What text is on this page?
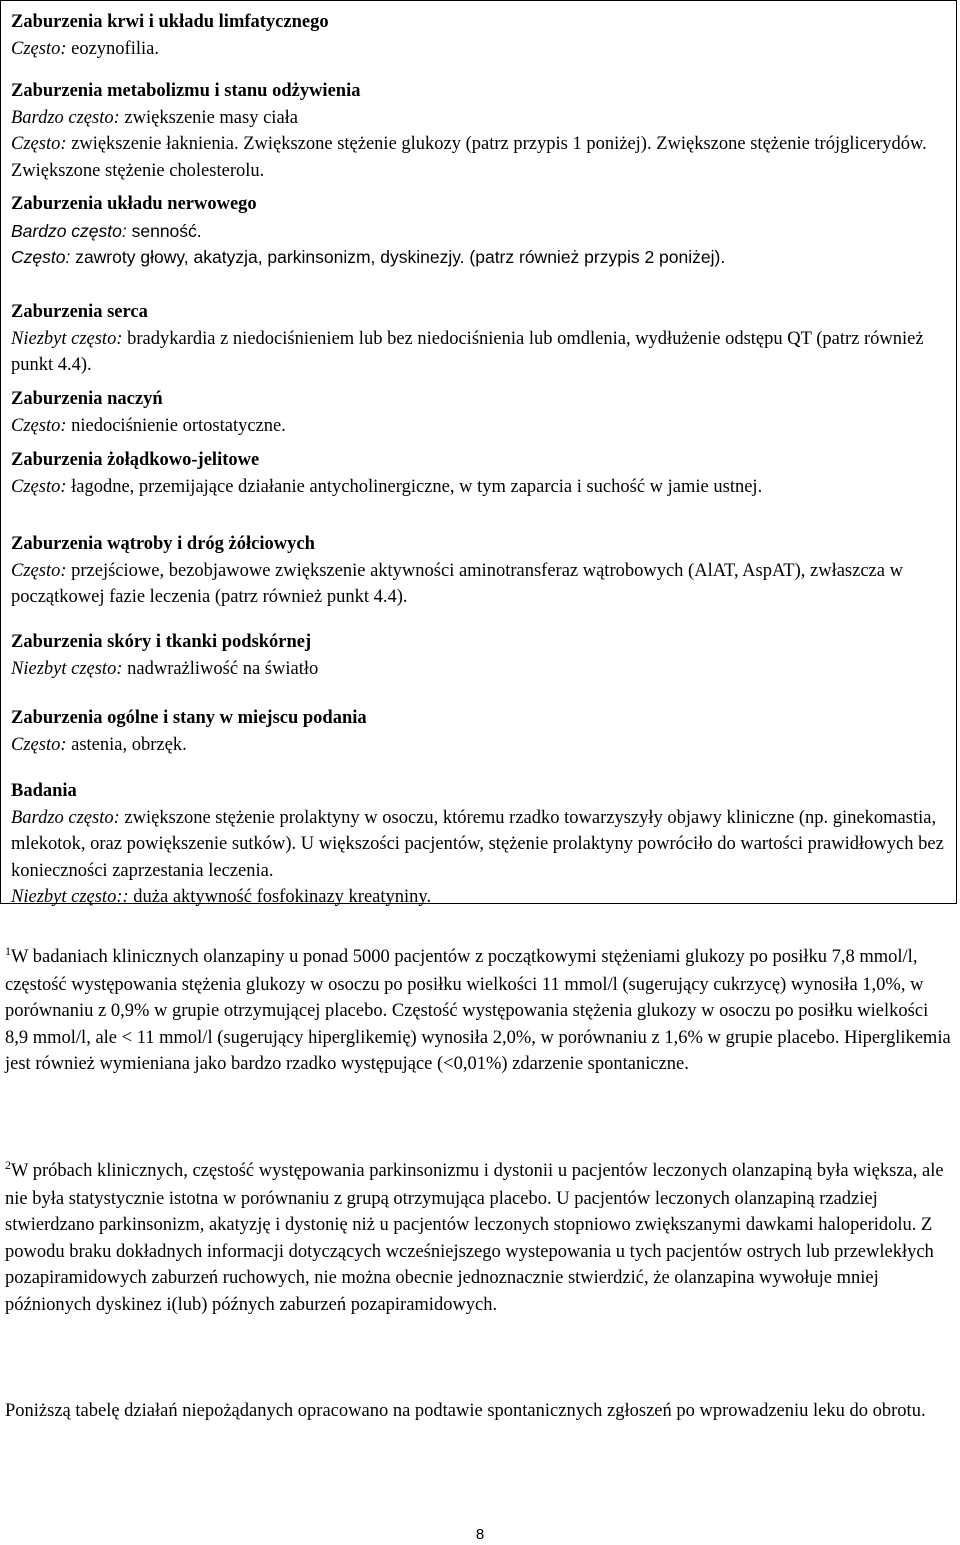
Zaburzenia krwi i układu limfatycznego
Często: eozynofilia.
Zaburzenia metabolizmu i stanu odżywienia
Bardzo często: zwiększenie masy ciała
Często: zwiększenie łaknienia. Zwiększone stężenie glukozy (patrz przypis 1 poniżej). Zwiększone stężenie trójglicerydów. Zwiększone stężenie cholesterolu.
Zaburzenia układu nerwowego
Bardzo często: senność.
Często: zawroty głowy, akatyzja, parkinsonizm, dyskinezjy. (patrz również przypis 2 poniżej).
Zaburzenia serca
Niezbyt często: bradykardia z niedociśnieniem lub bez niedociśnienia lub omdlenia, wydłużenie odstępu QT (patrz również punkt 4.4).
Zaburzenia naczyń
Często: niedociśnienie ortostatyczne.
Zaburzenia żołądkowo-jelitowe
Często: łagodne, przemijające działanie antycholinergiczne, w tym zaparcia i suchość w jamie ustnej.
Zaburzenia wątroby i dróg żółciowych
Często: przejściowe, bezobjawowe zwiększenie aktywności aminotransferaz wątrobowych (AlAT, AspAT), zwłaszcza w początkowej fazie leczenia (patrz również punkt 4.4).
Zaburzenia skóry i tkanki podskórnej
Niezbyt często: nadwrażliwość na światło
Zaburzenia ogólne i stany w miejscu podania
Często: astenia, obrzęk.
Badania
Bardzo często: zwiększone stężenie prolaktyny w osoczu, któremu rzadko towarzyszyły objawy kliniczne (np. ginekomastia, mlekotok, oraz powiększenie sutków). U większości pacjentów, stężenie prolaktyny powróciło do wartości prawidłowych bez konieczności zaprzestania leczenia.
Niezbyt często:: duża aktywność fosfokinazy kreatyniny.
$^1$W badaniach klinicznych olanzapiny u ponad 5000 pacjentów z początkowymi stężeniami glukozy po posiłku 7,8 mmol/l, częstość występowania stężenia glukozy w osoczu po posiłku wielkości 11 mmol/l (sugerujący cukrzycę) wynosiła 1,0%, w porównaniu z 0,9% w grupie otrzymującej placebo. Częstość występowania stężenia glukozy w osoczu po posiłku wielkości 8,9 mmol/l, ale < 11 mmol/l (sugerujący hiperglikemię) wynosiła 2,0%, w porównaniu z 1,6% w grupie placebo. Hiperglikemia jest również wymieniana jako bardzo rzadko występujące (<0,01%) zdarzenie spontaniczne.
$^2$W próbach klinicznych, częstość występowania parkinsonizmu i dystonii u pacjentów leczonych olanzapiną była większa, ale nie była statystycznie istotna w porównaniu z grupą otrzymująca placebo. U pacjentów leczonych olanzapiną rzadziej stwierdzano parkinsonizm, akatyzję i dystonię niż u pacjentów leczonych stopniowo zwiększanymi dawkami haloperidolu. Z powodu braku dokładnych informacji dotyczących wcześniejszego wystepowania u tych pacjentów ostrych lub przewlekłych pozapiramidowych zaburzeń ruchowych, nie można obecnie jednoznacznie stwierdzić, że olanzapina wywołuje mniej późnionych dyskinez i(lub) późnych zaburzeń pozapiramidowych.
Poniższą tabelę działań niepożądanych opracowano na podtawie spontanicznych zgłoszeń po wprowadzeniu leku do obrotu.
8
